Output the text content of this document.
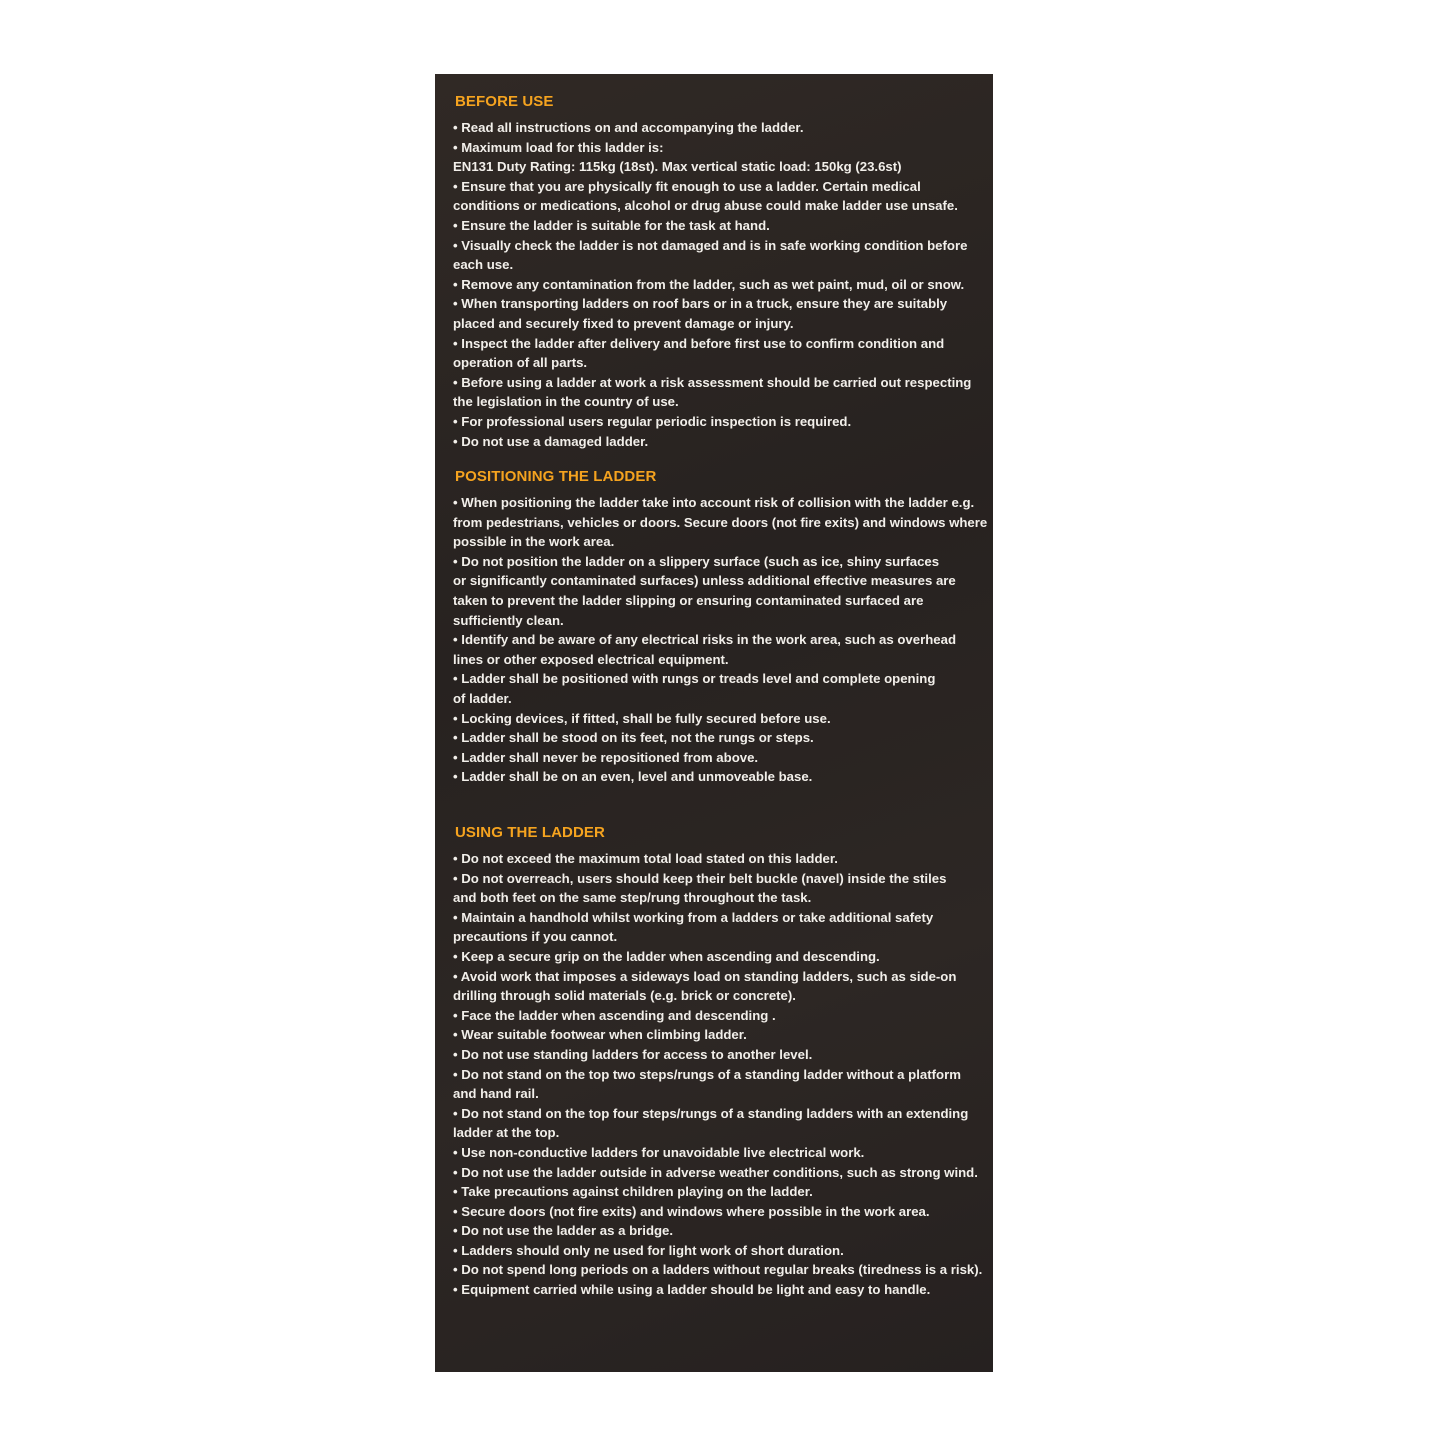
BEFORE USE
• Read all instructions on and accompanying the ladder.
• Maximum load for this ladder is:
EN131 Duty Rating: 115kg (18st). Max vertical static load: 150kg (23.6st)
• Ensure that you are physically fit enough to use a ladder. Certain medical
conditions or medications, alcohol or drug abuse could make ladder use unsafe.
• Ensure the ladder is suitable for the task at hand.
• Visually check the ladder is not damaged and is in safe working condition before
each use.
• Remove any contamination from the ladder, such as wet paint, mud, oil or snow.
• When transporting ladders on roof bars or in a truck, ensure they are suitably
placed and securely fixed to prevent damage or injury.
• Inspect the ladder after delivery and before first use to confirm condition and
operation of all parts.
• Before using a ladder at work a risk assessment should be carried out respecting
the legislation in the country of use.
• For professional users regular periodic inspection is required.
• Do not use a damaged ladder.
POSITIONING THE LADDER
• When positioning the ladder take into account risk of collision with the ladder e.g.
from pedestrians, vehicles or doors. Secure doors (not fire exits) and windows where
possible in the work area.
• Do not position the ladder on a slippery surface (such as ice, shiny surfaces
or significantly contaminated surfaces) unless additional effective measures are
taken to prevent the ladder slipping or ensuring contaminated surfaced are
sufficiently clean.
• Identify and be aware of any electrical risks in the work area, such as overhead
lines or other exposed electrical equipment.
• Ladder shall be positioned with rungs or treads level and complete opening
of ladder.
• Locking devices, if fitted, shall be fully secured before use.
• Ladder shall be stood on its feet, not the rungs or steps.
• Ladder shall never be repositioned from above.
• Ladder shall be on an even, level and unmoveable base.
USING THE LADDER
• Do not exceed the maximum total load stated on this ladder.
• Do not overreach, users should keep their belt buckle (navel) inside the stiles
and both feet on the same step/rung throughout the task.
• Maintain a handhold whilst working from a ladders or take additional safety
precautions if you cannot.
• Keep a secure grip on the ladder when ascending and descending.
• Avoid work that imposes a sideways load on standing ladders, such as side-on
drilling through solid materials (e.g. brick or concrete).
• Face the ladder when ascending and descending .
• Wear suitable footwear when climbing ladder.
• Do not use standing ladders for access to another level.
• Do not stand on the top two steps/rungs of a standing ladder without a platform
and hand rail.
• Do not stand on the top four steps/rungs of a standing ladders with an extending
ladder at the top.
• Use non-conductive ladders for unavoidable live electrical work.
• Do not use the ladder outside in adverse weather conditions, such as strong wind.
• Take precautions against children playing on the ladder.
• Secure doors (not fire exits) and windows where possible in the work area.
• Do not use the ladder as a bridge.
• Ladders should only ne used for light work of short duration.
• Do not spend long periods on a ladders without regular breaks (tiredness is a risk).
• Equipment carried while using a ladder should be light and easy to handle.
